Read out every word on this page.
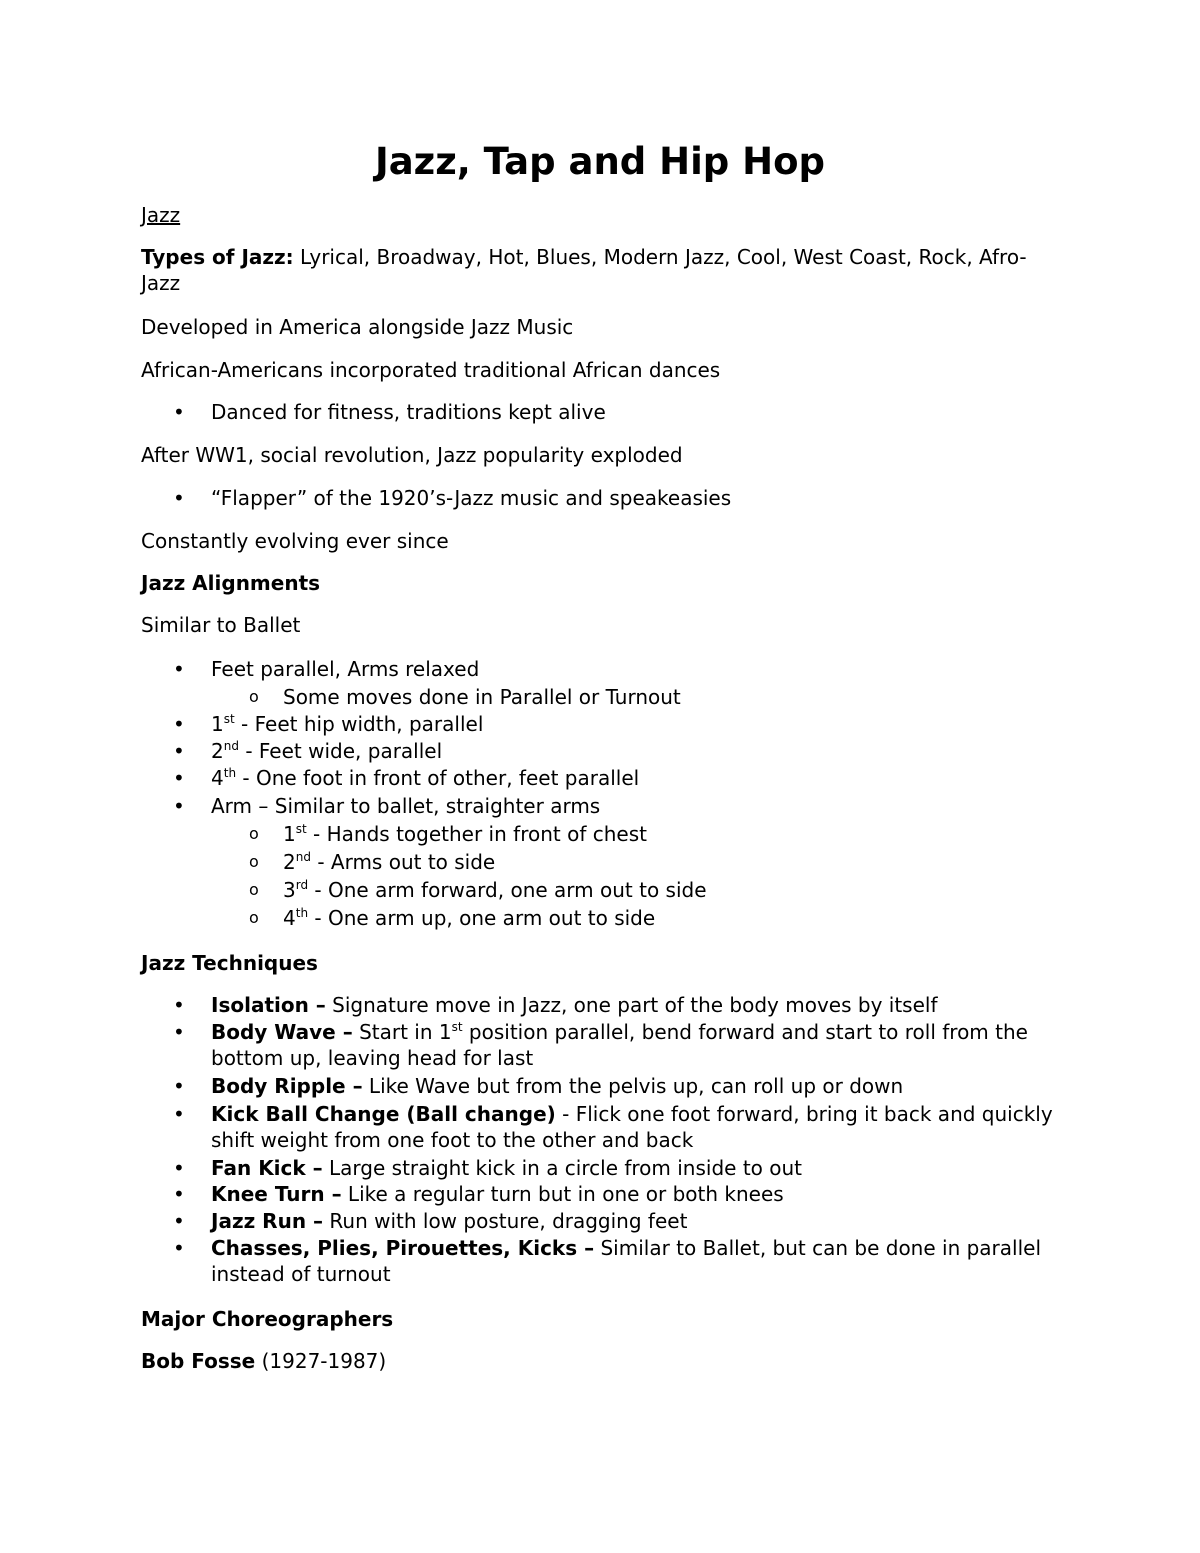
Jazz, Tap and Hip Hop
Jazz
Types of Jazz: Lyrical, Broadway, Hot, Blues, Modern Jazz, Cool, West Coast, Rock, Afro-Jazz
Developed in America alongside Jazz Music
African-Americans incorporated traditional African dances
• Danced for fitness, traditions kept alive
After WW1, social revolution, Jazz popularity exploded
• “Flapper” of the 1920’s-Jazz music and speakeasies
Constantly evolving ever since
Jazz Alignments
Similar to Ballet
• Feet parallel, Arms relaxed
o Some moves done in Parallel or Turnout
• 1st - Feet hip width, parallel
• 2nd - Feet wide, parallel
• 4th - One foot in front of other, feet parallel
• Arm – Similar to ballet, straighter arms
o 1st - Hands together in front of chest
o 2nd - Arms out to side
o 3rd - One arm forward, one arm out to side
o 4th - One arm up, one arm out to side
Jazz Techniques
• Isolation – Signature move in Jazz, one part of the body moves by itself
• Body Wave – Start in 1st position parallel, bend forward and start to roll from the bottom up, leaving head for last
• Body Ripple – Like Wave but from the pelvis up, can roll up or down
• Kick Ball Change (Ball change) - Flick one foot forward, bring it back and quickly shift weight from one foot to the other and back
• Fan Kick – Large straight kick in a circle from inside to out
• Knee Turn – Like a regular turn but in one or both knees
• Jazz Run – Run with low posture, dragging feet
• Chasses, Plies, Pirouettes, Kicks – Similar to Ballet, but can be done in parallel instead of turnout
Major Choreographers
Bob Fosse (1927-1987)
